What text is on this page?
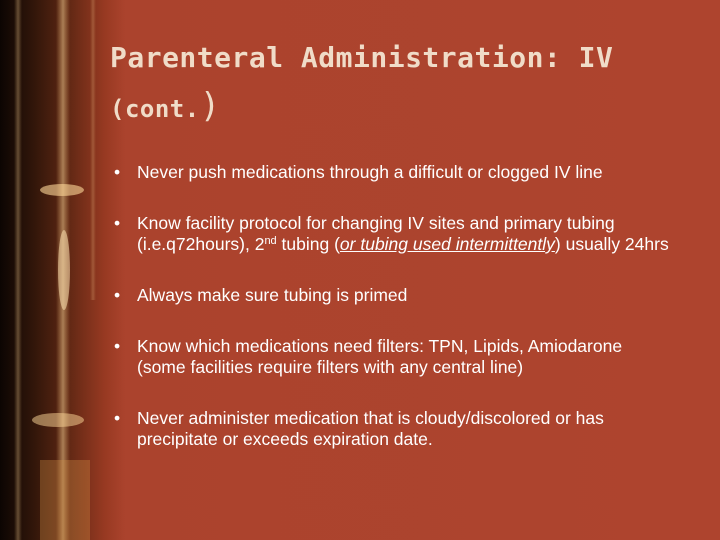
Parenteral Administration: IV
(cont.)
• Never push medications through a difficult or clogged IV line
• Know facility protocol for changing IV sites and primary tubing (i.e.q72hours), 2nd tubing (or tubing used intermittently) usually 24hrs
• Always make sure tubing is primed
• Know which medications need filters: TPN, Lipids, Amiodarone (some facilities require filters with any central line)
• Never administer medication that is cloudy/discolored or has precipitate or exceeds expiration date.
